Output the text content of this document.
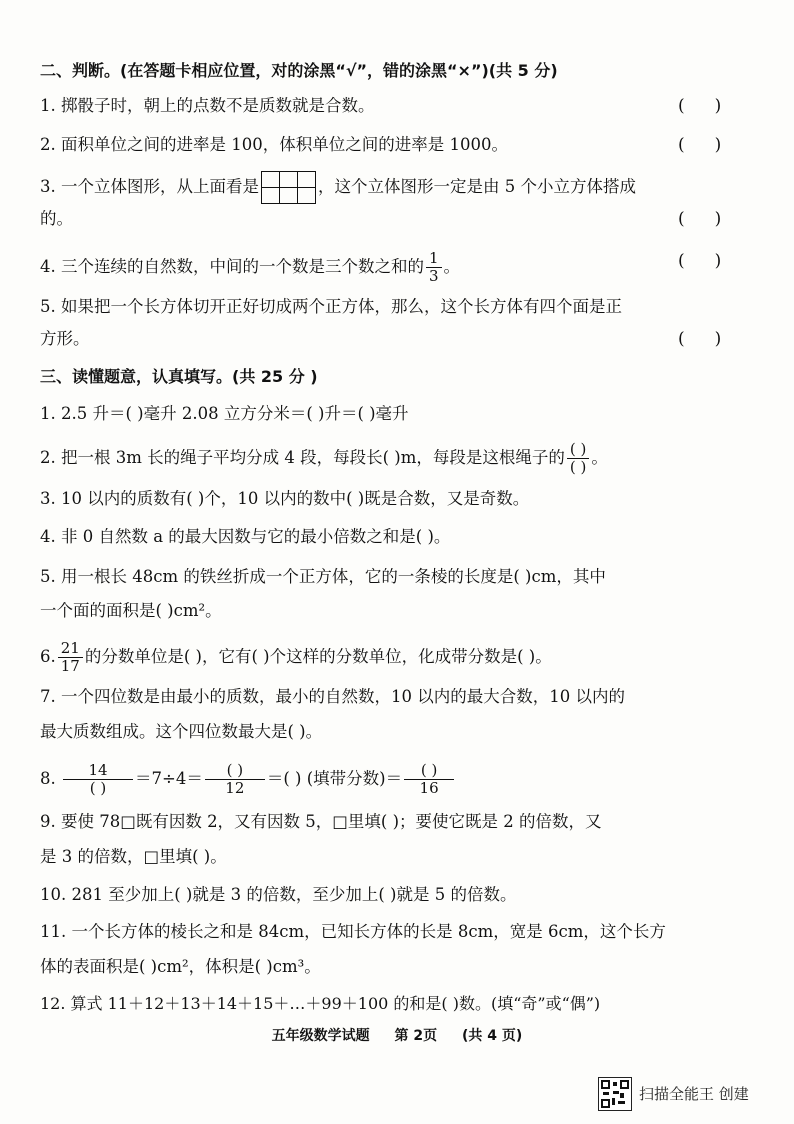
二、判断。(在答题卡相应位置，对的涂黑“√”，错的涂黑“×”)(共 5 分)
1. 掷骰子时，朝上的点数不是质数就是合数。	()
2. 面积单位之间的进率是 100，体积单位之间的进率是 1000。	()
3. 一个立体图形，从上面看是		
			，这个立体图形一定是由 5 个小立方体搭成
的。	()
4. 三个连续的自然数，中间的一个数是三个数之和的 $\frac{1}{3}$ 。	()
5. 如果把一个长方体切开正好切成两个正方体，那么，这个长方体有四个面是正
方形。	()
三、读懂题意，认真填写。(共 25 分 )
1. 2.5 升＝( )毫升 2.08 立方分米＝( )升＝( )毫升
2. 把一根 3m 长的绳子平均分成 4 段，每段长( )m，每段是这根绳子的 $\frac{( )}{( )}$ 。
3. 10 以内的质数有( )个，10 以内的数中( )既是合数，又是奇数。
4. 非 0 自然数 a 的最大因数与它的最小倍数之和是( )。
5. 用一根长 48cm 的铁丝折成一个正方体，它的一条棱的长度是( )cm，其中
一个面的面积是( )cm²。
6. $\frac{21}{17}$ 的分数单位是( )，它有( )个这样的分数单位，化成带分数是( )。
7. 一个四位数是由最小的质数，最小的自然数，10 以内的最大合数，10 以内的
最大质数组成。这个四位数最大是( )。
8. $\frac{14}{( )} =7\div 4= \frac{( )}{12}$ ＝( ) (填带分数)＝ $\frac{( )}{16}$
9. 要使 78□既有因数 2，又有因数 5，□里填( )；要使它既是 2 的倍数，又
是 3 的倍数，□里填( )。
10. 281 至少加上( )就是 3 的倍数，至少加上( )就是 5 的倍数。
11. 一个长方体的棱长之和是 84cm，已知长方体的长是 8cm，宽是 6cm，这个长方
体的表面积是( )cm²，体积是( )cm³。
12. 算式 11＋12＋13＋14＋15＋…＋99＋100 的和是( )数。(填“奇”或“偶”)
五年级数学试题 第 2页 (共 4 页)
扫描全能王 创建
